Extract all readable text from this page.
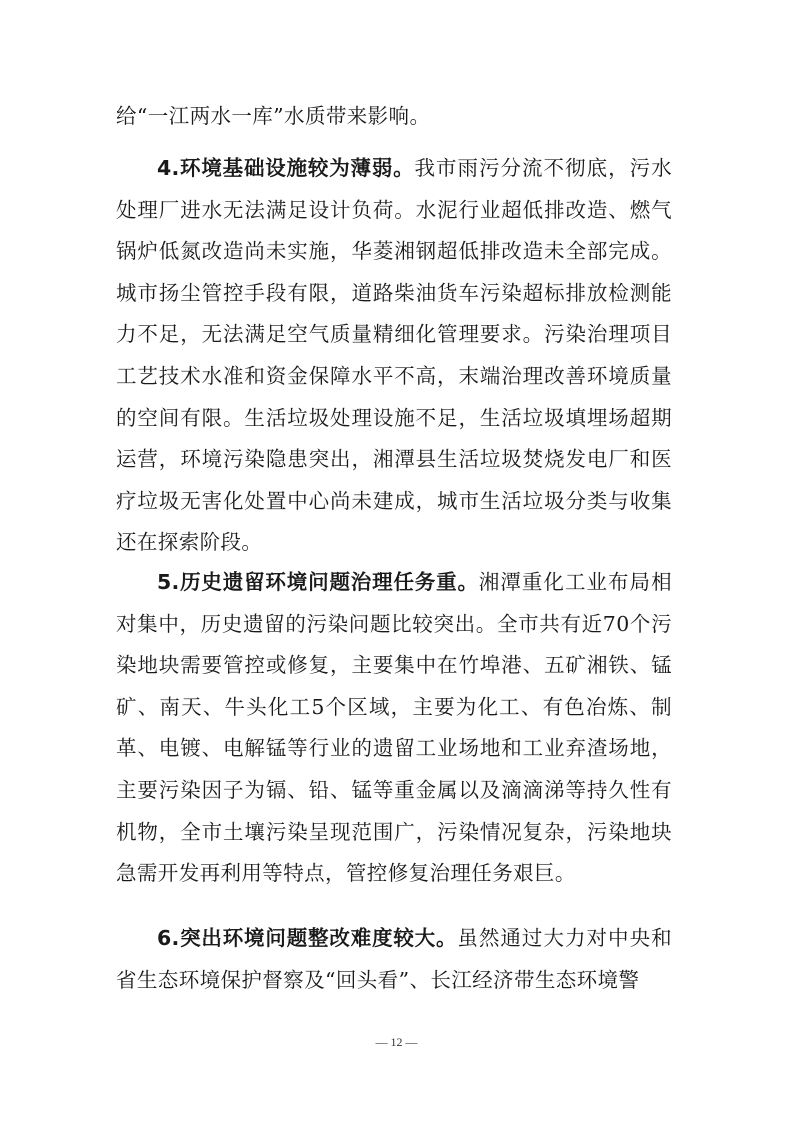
给“一江两水一库”水质带来影响。

4.环境基础设施较为薄弱。我市雨污分流不彻底，污水处理厂进水无法满足设计负荷。水泥行业超低排改造、燃气锅炉低氮改造尚未实施，华菱湘钢超低排改造未全部完成。城市扬尘管控手段有限，道路柴油货车污染超标排放检测能力不足，无法满足空气质量精细化管理要求。污染治理项目工艺技术水准和资金保障水平不高，末端治理改善环境质量的空间有限。生活垃圾处理设施不足，生活垃圾填埋场超期运营，环境污染隐患突出，湘潭县生活垃圾焚烧发电厂和医疗垃圾无害化处置中心尚未建成，城市生活垃圾分类与收集还在探索阶段。

5.历史遗留环境问题治理任务重。湘潭重化工业布局相对集中，历史遗留的污染问题比较突出。全市共有近70个污染地块需要管控或修复，主要集中在竹埠港、五矿湘铁、锰矿、南天、牛头化工5个区域，主要为化工、有色冶炼、制革、电镀、电解锰等行业的遗留工业场地和工业弃渣场地，主要污染因子为镉、铅、锰等重金属以及滴滴涕等持久性有机物，全市土壤污染呈现范围广，污染情况复杂，污染地块急需开发再利用等特点，管控修复治理任务艰巨。

6.突出环境问题整改难度较大。虽然通过大力对中央和省生态环境保护督察及“回头看”、长江经济带生态环境警

— 12 —
